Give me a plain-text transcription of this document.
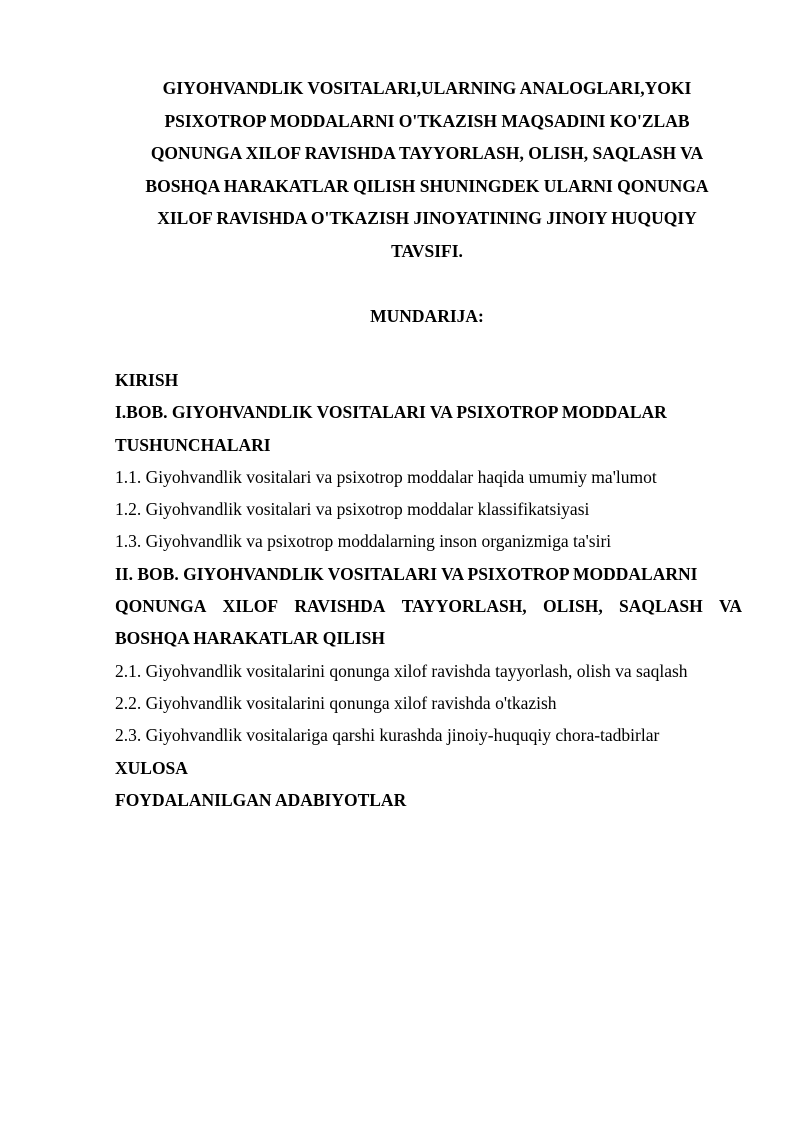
GIYOHVANDLIK VOSITALARI,ULARNING ANALOGLARI,YOKI
PSIXOTROP MODDALARNI O'TKAZISH MAQSADINI KO'ZLAB
QONUNGA XILOF RAVISHDA TAYYORLASH, OLISH, SAQLASH VA
BOSHQA HARAKATLAR QILISH SHUNINGDEK ULARNI QONUNGA
XILOF RAVISHDA O'TKAZISH JINOYATINING JINOIY HUQUQIY
TAVSIFI.
MUNDARIJA:
KIRISH
I.BOB. GIYOHVANDLIK VOSITALARI VA PSIXOTROP MODDALAR
TUSHUNCHALARI
1.1. Giyohvandlik vositalari va psixotrop moddalar haqida umumiy ma'lumot
1.2. Giyohvandlik vositalari va psixotrop moddalar klassifikatsiyasi
1.3. Giyohvandlik va psixotrop moddalarning inson organizmiga ta'siri
II. BOB. GIYOHVANDLIK VOSITALARI VA PSIXOTROP MODDALARNI
QONUNGA XILOF RAVISHDA TAYYORLASH, OLISH, SAQLASH VA
BOSHQA HARAKATLAR QILISH
2.1. Giyohvandlik vositalarini qonunga xilof ravishda tayyorlash, olish va saqlash
2.2. Giyohvandlik vositalarini qonunga xilof ravishda o'tkazish
2.3. Giyohvandlik vositalariga qarshi kurashda jinoiy-huquqiy chora-tadbirlar
XULOSA
FOYDALANILGAN ADABIYOTLAR
